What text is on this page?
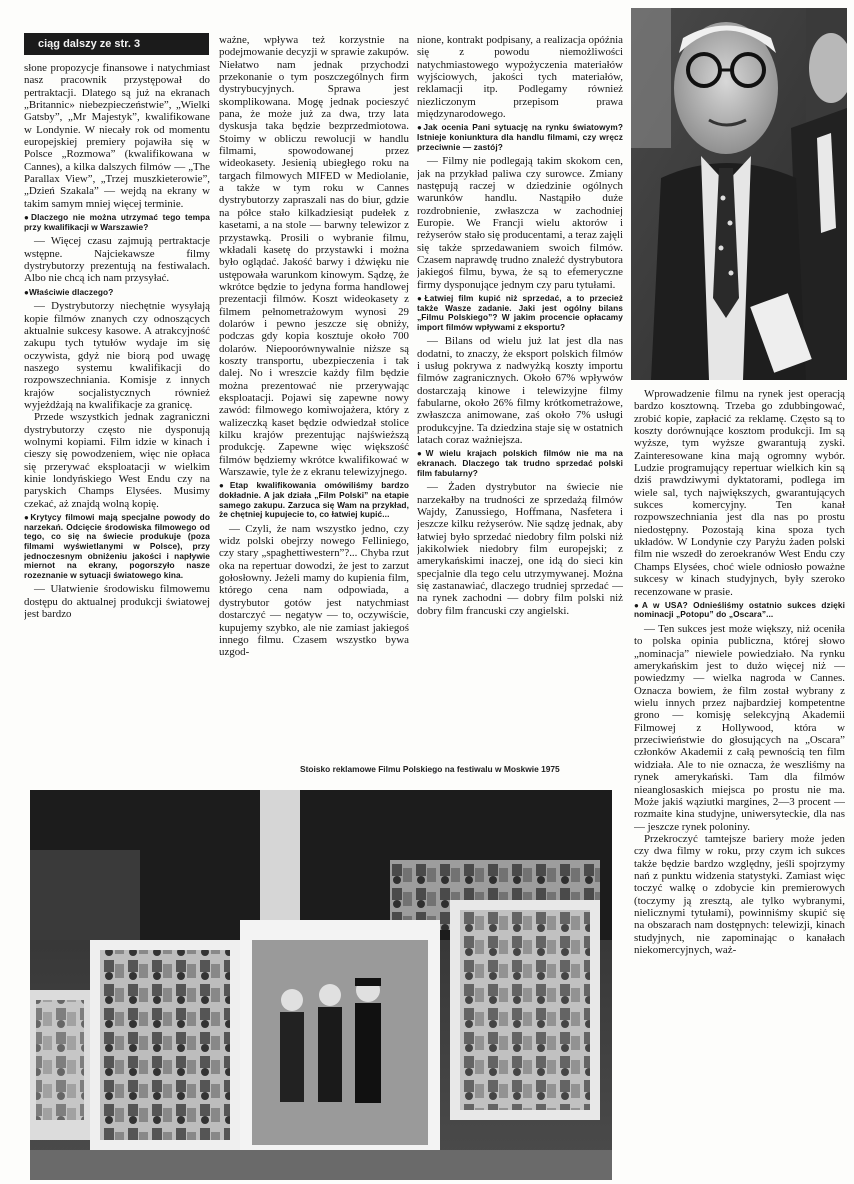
ciąg dalszy ze str. 3

słone propozycje finansowe i natychmiast nasz pracownik przystępował do pertraktacji. Dlatego są już na ekranach „Britannic» niebezpieczeństwie”, „Wielki Gatsby”, „Mr Majestyk”, kwalifikowane w Londynie. W niecały rok od momentu europejskiej premiery pojawiła się w Polsce „Rozmowa” (kwalifikowana w Cannes), a kilka dalszych filmów — „The Parallax View”, „Trzej muszkieterowie”, „Dzień Szakala” — wejdą na ekrany w takim samym mniej więcej terminie.

● Dlaczego nie można utrzymać tego tempa przy kwalifikacji w Warszawie?

— Więcej czasu zajmują pertraktacje wstępne. Najciekawsze filmy dystrybutorzy prezentują na festiwalach. Albo nie chcą ich nam przysyłać.

● Właściwie dlaczego?

— Dystrybutorzy niechętnie wysyłają kopie filmów znanych czy odnoszących aktualnie sukcesy kasowe. A atrakcyjność zakupu tych tytułów wydaje im się oczywista, gdyż nie biorą pod uwagę naszego systemu kwalifikacji do rozpowszechniania. Komisje z innych krajów socjalistycznych również wyjeżdżają na kwalifikacje za granicę.

Przede wszystkich jednak zagraniczni dystrybutorzy często nie dysponują wolnymi kopiami. Film idzie w kinach i cieszy się powodzeniem, więc nie opłaca się przerywać eksploatacji w wielkim kinie londyńskiego West Endu czy na paryskich Champs Elysées. Musimy czekać, aż znajdą wolną kopię.

● Krytycy filmowi mają specjalne powody do narzekań. Odcięcie środowiska filmowego od tego, co się na świecie produkuje (poza filmami wyświetlanymi w Polsce), przy jednoczesnym obniżeniu jakości i napływie miernot na ekrany, pogorszyło nasze rozeznanie w sytuacji światowego kina.

— Ułatwienie środowisku filmowemu dostępu do aktualnej produkcji światowej jest bardzo

ważne, wpływa też korzystnie na podejmowanie decyzji w sprawie zakupów. Niełatwo nam jednak przychodzi przekonanie o tym poszczególnych firm dystrybucyjnych. Sprawa jest skomplikowana. Mogę jednak pocieszyć pana, że może już za dwa, trzy lata dyskusja taka będzie bezprzedmiotowa. Stoimy w obliczu rewolucji w handlu filmami, spowodowanej przez wideokasety. Jesienią ubiegłego roku na targach filmowych MIFED w Mediolanie, a także w tym roku w Cannes dystrybutorzy zapraszali nas do biur, gdzie na półce stało kilkadziesiąt pudełek z kasetami, a na stole — barwny telewizor z przystawką. Prosili o wybranie filmu, wkładali kasetę do przystawki i można było oglądać. Jakość barwy i dźwięku nie ustępowała warunkom kinowym. Sądzę, że wkrótce będzie to jedyna forma handlowej prezentacji filmów. Koszt wideokasety z filmem pełnometrażowym wynosi 29 dolarów i pewno jeszcze się obniży, podczas gdy kopia kosztuje około 700 dolarów. Niepoorównywalnie niższe są koszty transportu, ubezpieczenia i tak dalej. No i wreszcie każdy film będzie można prezentować nie przerywając eksploatacji. Pojawi się zapewne nowy zawód: filmowego komiwojażera, który z walizeczką kaset będzie odwiedzał stolice kilku krajów prezentując najświeższą produkcję. Zapewne więc większość filmów będziemy wkrótce kwalifikować w Warszawie, tyle że z ekranu telewizyjnego.

● Etap kwalifikowania omówiliśmy bardzo dokładnie. A jak działa „Film Polski” na etapie samego zakupu. Zarzuca się Wam na przykład, że chętniej kupujecie to, co łatwiej kupić...

— Czyli, że nam wszystko jedno, czy widz polski obejrzy nowego Felliniego, czy stary „spaghettiwestern”?... Chyba rzut oka na repertuar dowodzi, że jest to zarzut gołosłowny. Jeżeli mamy do kupienia film, którego cena nam odpowiada, a dystrybutor gotów jest natychmiast dostarczyć — negatyw — to, oczywiście, kupujemy szybko, ale nie zamiast jakiegoś innego filmu. Czasem wszystko bywa uzgod-

nione, kontrakt podpisany, a realizacja opóźnia się z powodu niemożliwości natychmiastowego wypożyczenia materiałów wyjściowych, jakości tych materiałów, reklamacji itp. Podlegamy również niezliczonym przepisom prawa międzynarodowego.

● Jak ocenia Pani sytuację na rynku światowym? Istnieje koniunktura dla handlu filmami, czy wręcz przeciwnie — zastój?

— Filmy nie podlegają takim skokom cen, jak na przykład paliwa czy surowce. Zmiany następują raczej w dziedzinie ogólnych warunków handlu. Nastąpiło duże rozdrobnienie, zwłaszcza w zachodniej Europie. We Francji wielu aktorów i reżyserów stało się producentami, a teraz zajęli się także sprzedawaniem swoich filmów. Czasem naprawdę trudno znaleźć dystrybutora jakiegoś filmu, bywa, że są to efemeryczne firmy dysponujące jednym czy paru tytułami.

● Łatwiej film kupić niż sprzedać, a to przecież także Wasze zadanie. Jaki jest ogólny bilans „Filmu Polskiego”? W jakim procencie opłacamy import filmów wpływami z eksportu?

— Bilans od wielu już lat jest dla nas dodatni, to znaczy, że eksport polskich filmów i usług pokrywa z nadwyżką koszty importu filmów zagranicznych. Około 67% wpływów dostarczają kinowe i telewizyjne filmy fabularne, około 26% filmy krótkometrażowe, zwłaszcza animowane, zaś około 7% usługi produkcyjne. Ta dziedzina staje się w ostatnich latach coraz ważniejsza.

● W wielu krajach polskich filmów nie ma na ekranach. Dlaczego tak trudno sprzedać polski film fabularny?

— Żaden dystrybutor na świecie nie narzekałby na trudności ze sprzedażą filmów Wajdy, Zanussiego, Hoffmana, Nasfetera i jeszcze kilku reżyserów. Nie sądzę jednak, aby łatwiej było sprzedać niedobry film polski niż jakikolwiek niedobry film europejski; z amerykańskimi inaczej, one idą do sieci kin specjalnie dla tego celu utrzymywanej. Można się zastanawiać, dlaczego trudniej sprzedać — na rynek zachodni — dobry film polski niż dobry film francuski czy angielski.

Wprowadzenie filmu na rynek jest operacją bardzo kosztowną. Trzeba go zdubbingować, zrobić kopie, zapłacić za reklamę. Często są to koszty dorównujące kosztom produkcji. Im są wyższe, tym wyższe gwarantują zyski. Zainteresowane kina mają ogromny wybór. Ludzie programujący repertuar wielkich kin są dziś prawdziwymi dyktatorami, podlega im wiele sal, tych największych, gwarantujących sukces komercyjny. Ten kanał rozpowszechniania jest dla nas po prostu niedostępny. Pozostają kina spoza tych układów. W Londynie czy Paryżu żaden polski film nie wszedł do zeroekranów West Endu czy Champs Elysées, choć wiele odniosło poważne sukcesy w kinach studyjnych, były szeroko recenzowane w prasie.

● A w USA? Odnieśliśmy ostatnio sukces dzięki nominacji „Potopu” do „Oscara”...

— Ten sukces jest może większy, niż oceniła to polska opinia publiczna, której słowo „nominacja” niewiele powiedziało. Na rynku amerykańskim jest to dużo więcej niż — powiedzmy — wielka nagroda w Cannes. Oznacza bowiem, że film został wybrany z wielu innych przez najbardziej kompetentne grono — komisję selekcyjną Akademii Filmowej z Hollywood, która w przeciwieństwie do głosujących na „Oscara” członków Akademii z całą pewnością ten film widziała. Ale to nie oznacza, że weszliśmy na rynek amerykański. Tam dla filmów nieanglosaskich miejsca po prostu nie ma. Może jakiś wąziutki margines, 2—3 procent — rozmaite kina studyjne, uniwersyteckie, dla nas — jeszcze rynek poloniny.

Przekroczyć tamtejsze bariery może jeden czy dwa filmy w roku, przy czym ich sukces także będzie bardzo względny, jeśli spojrzymy nań z punktu widzenia statystyki. Zamiast więc toczyć walkę o zdobycie kin premierowych (toczymy ją zresztą, ale tylko wybranymi, nielicznymi tytułami), powinniśmy skupić się na obszarach nam dostępnych: telewizji, kinach studyjnych, nie zapominając o kanałach niekomercyjnych, waż-

Stoisko reklamowe Filmu Polskiego na festiwalu w Moskwie 1975
